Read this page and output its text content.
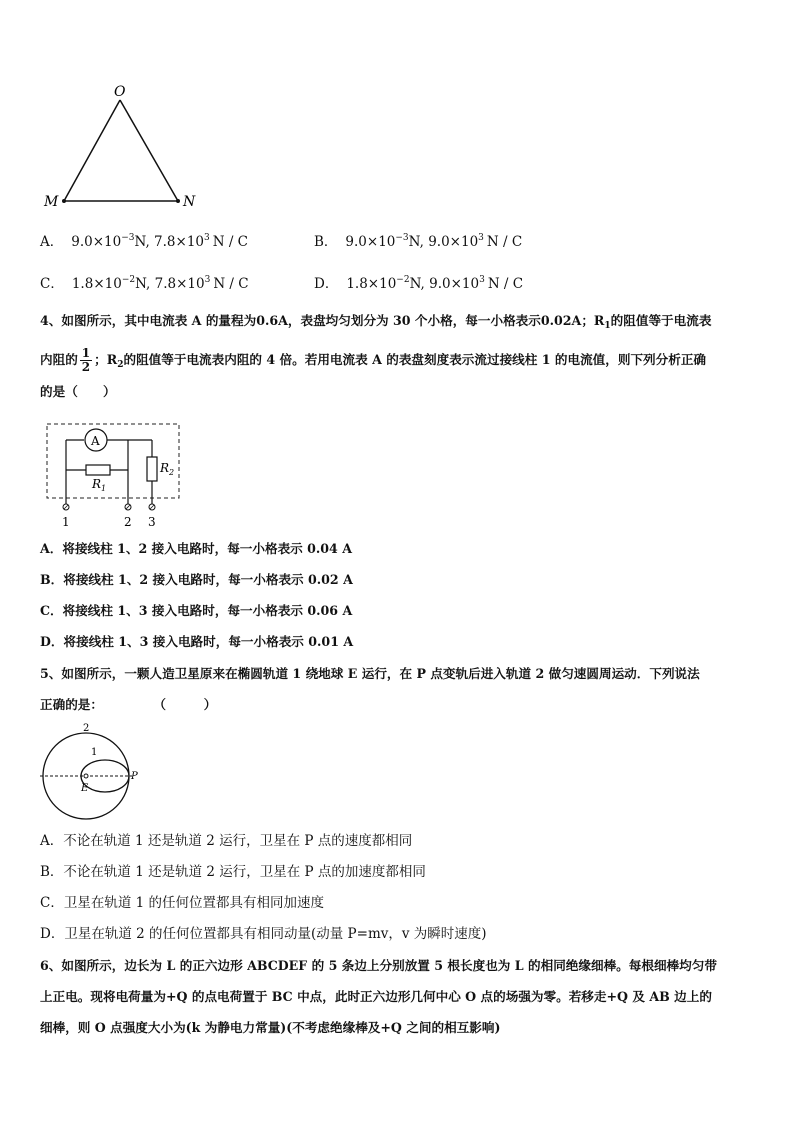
O
M	N
A． $9.0\times 10^{-3}N$, $7.8\times 10^3$ N / C	B． $9.0\times 10^{-3}N$, $9.0\times 10^3$ N / C
C． $1.8\times 10^{-2}N$, $7.8\times 10^3$ N / C	D． $1.8\times 10^{-2}N$, $9.0\times 10^3$ N / C
4、如图所示，其中电流表 A 的量程为0.6A，表盘均匀划分为 30 个小格，每一小格表示0.02A；$R_1$的阻值等于电流表
内阻的 $\frac{1}{2}$ ；$R_2$的阻值等于电流表内阻的 4 倍。若用电流表 A 的表盘刻度表示流过接线柱 1 的电流值，则下列分析正确
的是（　　）
A
$R_1$
$R_2$
1	2 3
A．将接线柱 1、2 接入电路时，每一小格表示 0.04 A
B．将接线柱 1、2 接入电路时，每一小格表示 0.02 A
C．将接线柱 1、3 接入电路时，每一小格表示 0.06 A
D．将接线柱 1、3 接入电路时，每一小格表示 0.01 A
5、如图所示，一颗人造卫星原来在椭圆轨道 1 绕地球 E 运行，在 P 点变轨后进入轨道 2 做匀速圆周运动．下列说法
正确的是：　　　　　（　　　）
2
1
E
P
A．不论在轨道 1 还是轨道 2 运行，卫星在 P 点的速度都相同
B．不论在轨道 1 还是轨道 2 运行，卫星在 P 点的加速度都相同
C．卫星在轨道 1 的任何位置都具有相同加速度
D．卫星在轨道 2 的任何位置都具有相同动量(动量 P=mv，v 为瞬时速度)
6、如图所示，边长为 L 的正六边形 ABCDEF 的 5 条边上分别放置 5 根长度也为 L 的相同绝缘细棒。每根细棒均匀带
上正电。现将电荷量为+Q 的点电荷置于 BC 中点，此时正六边形几何中心 O 点的场强为零。若移走+Q 及 AB 边上的
细棒，则 O 点强度大小为(k 为静电力常量)(不考虑绝缘棒及+Q 之间的相互影响)
